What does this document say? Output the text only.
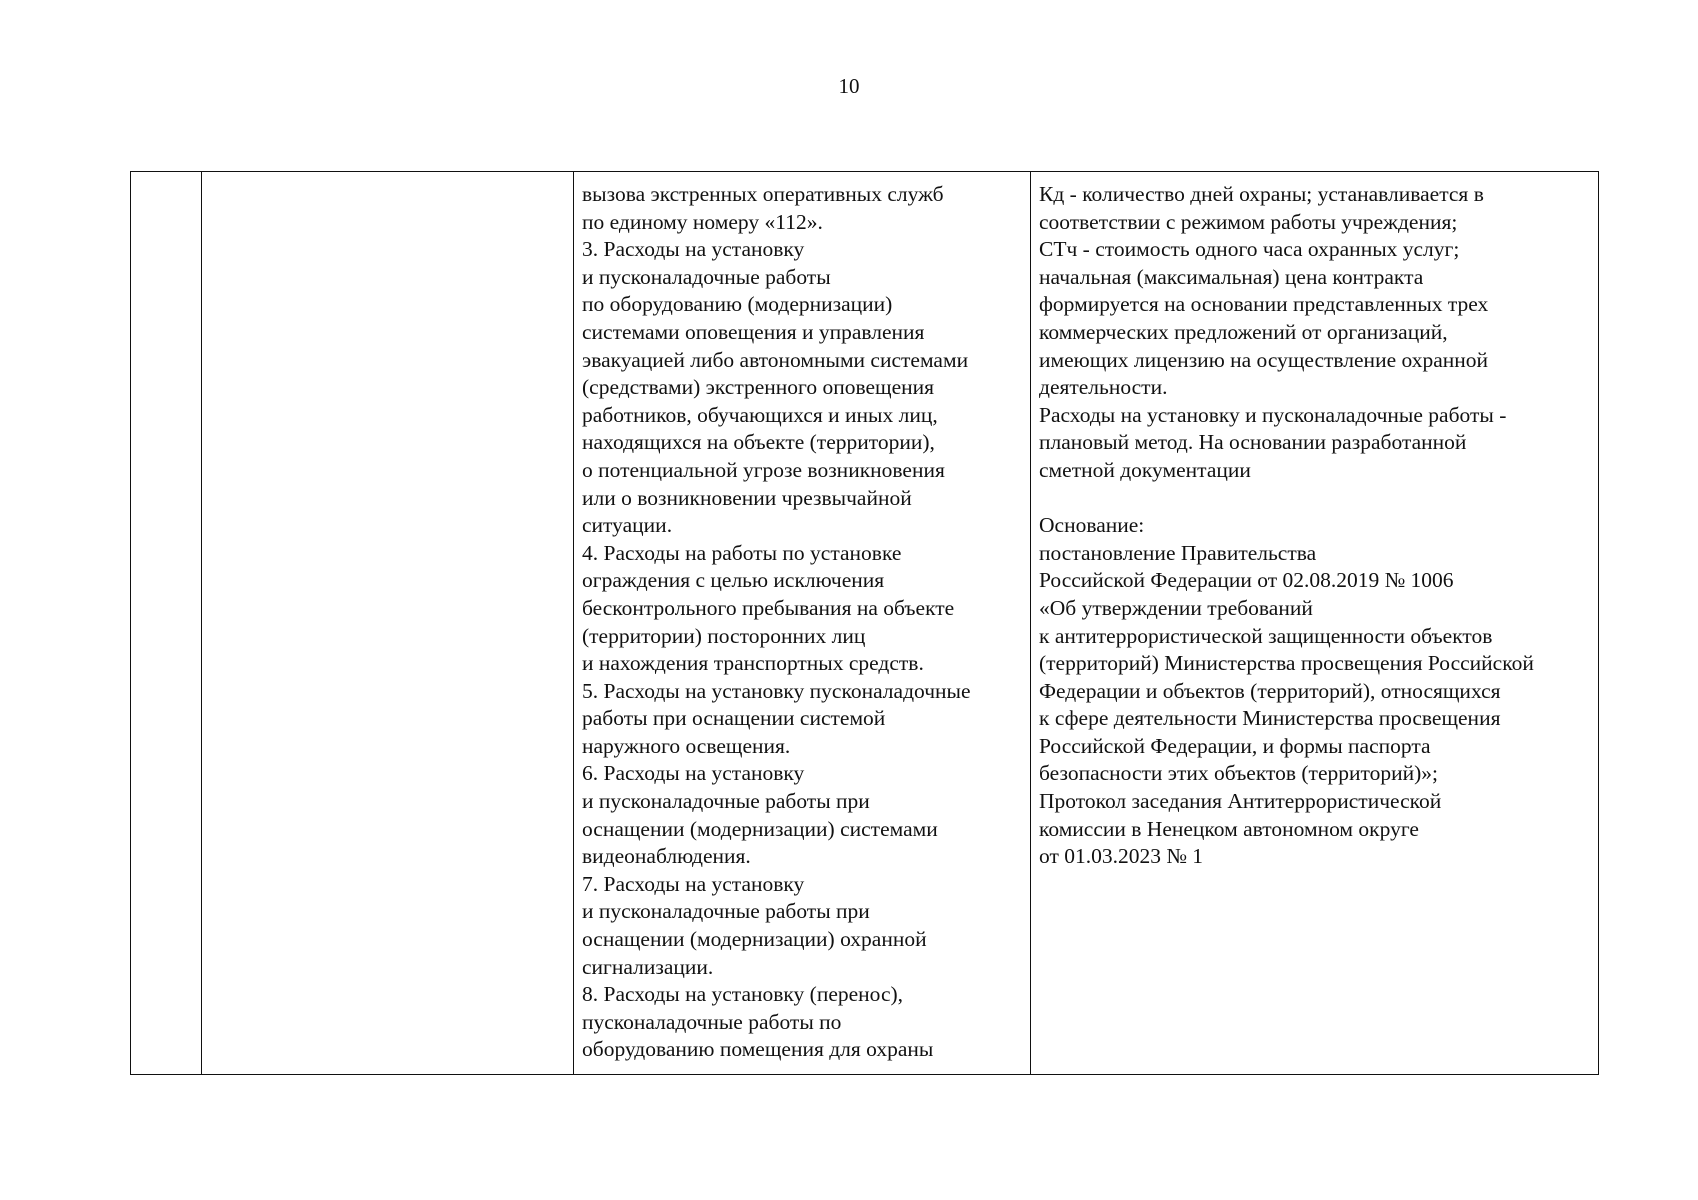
10
вызова экстренных оперативных служб
по единому номеру «112».
3. Расходы на установку
и пусконаладочные работы
по оборудованию (модернизации)
системами оповещения и управления
эвакуацией либо автономными системами
(средствами) экстренного оповещения
работников, обучающихся и иных лиц,
находящихся на объекте (территории),
о потенциальной угрозе возникновения
или о возникновении чрезвычайной
ситуации.
4. Расходы на работы по установке
ограждения с целью исключения
бесконтрольного пребывания на объекте
(территории) посторонних лиц
и нахождения транспортных средств.
5. Расходы на установку пусконаладочные
работы при оснащении системой
наружного освещения.
6. Расходы на установку
и пусконаладочные работы при
оснащении (модернизации) системами
видеонаблюдения.
7. Расходы на установку
и пусконаладочные работы при
оснащении (модернизации) охранной
сигнализации.
8. Расходы на установку (перенос),
пусконаладочные работы по
оборудованию помещения для охраны
Кд - количество дней охраны; устанавливается в
соответствии с режимом работы учреждения;
СТч - стоимость одного часа охранных услуг;
начальная (максимальная) цена контракта
формируется на основании представленных трех
коммерческих предложений от организаций,
имеющих лицензию на осуществление охранной
деятельности.
Расходы на установку и пусконаладочные работы -
плановый метод. На основании разработанной
сметной документации
Основание:
постановление Правительства
Российской Федерации от 02.08.2019 № 1006
«Об утверждении требований
к антитеррористической защищенности объектов
(территорий) Министерства просвещения Российской
Федерации и объектов (территорий), относящихся
к сфере деятельности Министерства просвещения
Российской Федерации, и формы паспорта
безопасности этих объектов (территорий)»;
Протокол заседания Антитеррористической
комиссии в Ненецком автономном округе
от 01.03.2023 № 1
